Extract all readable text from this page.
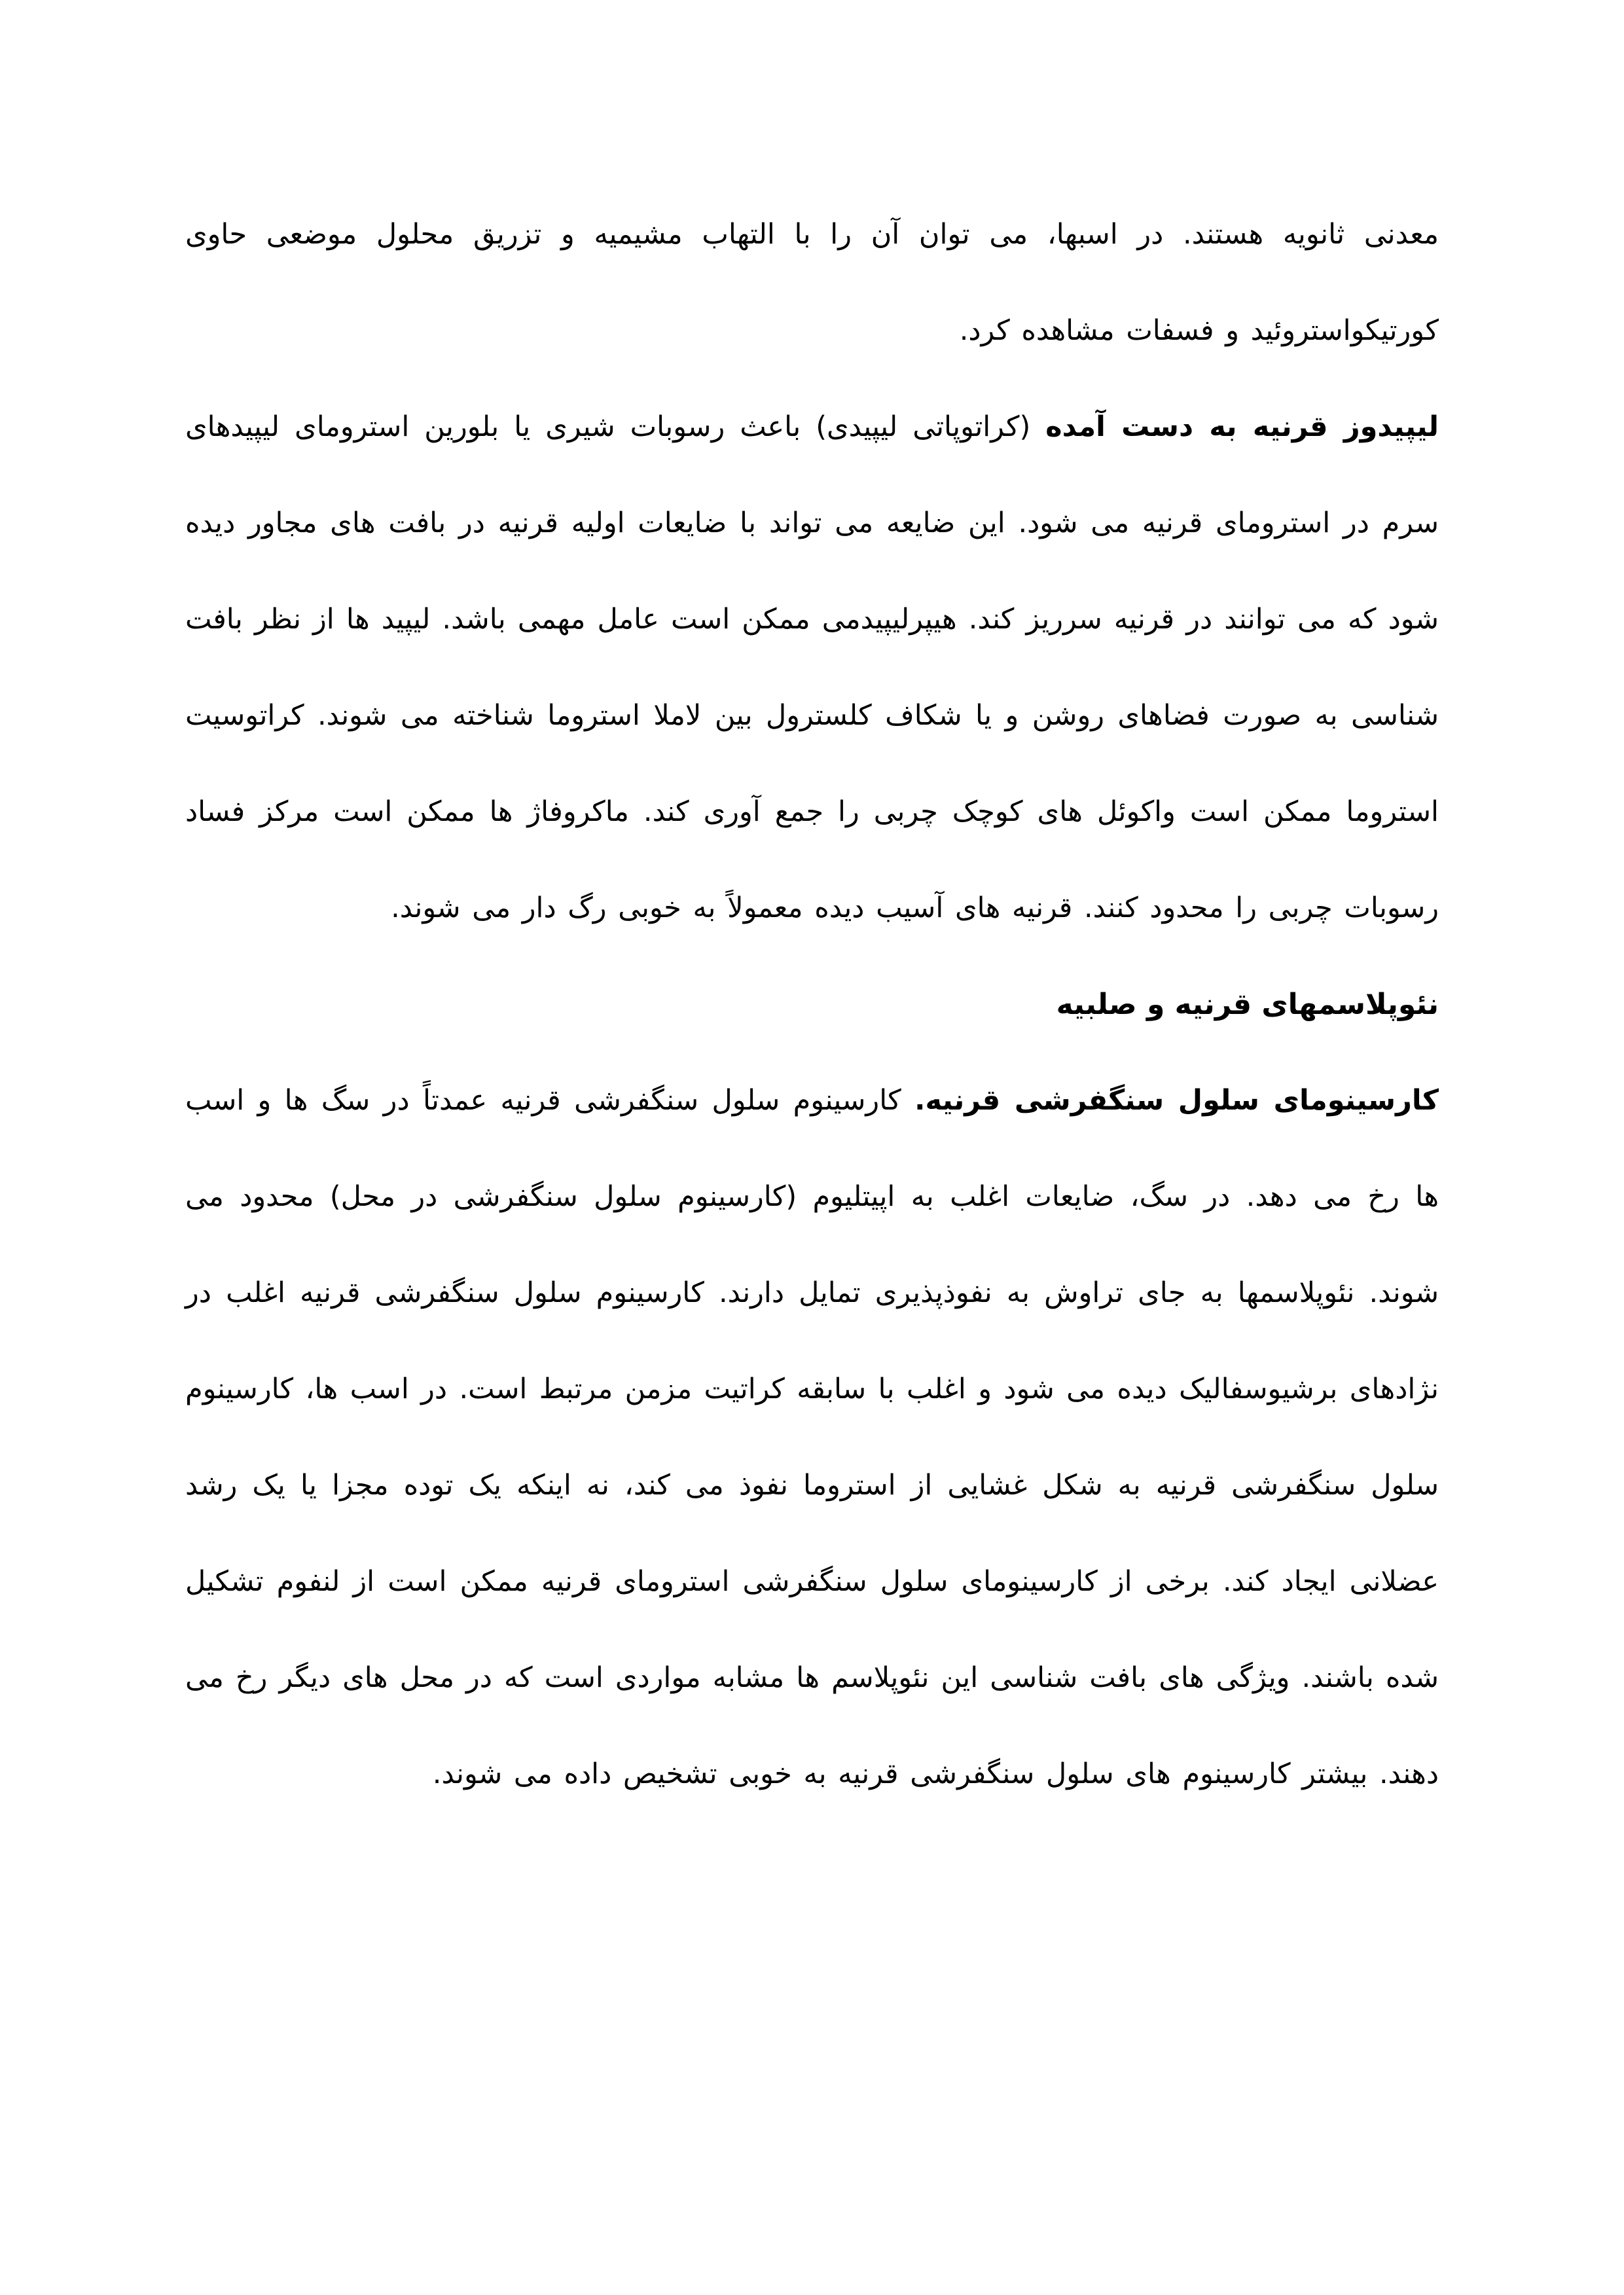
معدنی ثانویه هستند. در اسبها، می توان آن را با التهاب مشیمیه و تزریق محلول موضعی حاوی کورتیکواستروئید و فسفات مشاهده کرد.

لیپیدوز قرنیه به دست آمده (کراتوپاتی لیپیدی) باعث رسوبات شیری یا بلورین استرومای لیپیدهای سرم در استرومای قرنیه می شود. این ضایعه می تواند با ضایعات اولیه قرنیه در بافت های مجاور دیده شود که می توانند در قرنیه سرریز کند. هیپرلیپیدمی ممکن است عامل مهمی باشد. لیپید ها از نظر بافت شناسی به صورت فضاهای روشن و یا شکاف کلسترول بین لاملا استروما شناخته می شوند. کراتوسیت استروما ممکن است واکوئل های کوچک چربی را جمع آوری کند. ماکروفاژ ها ممکن است مرکز فساد رسوبات چربی را محدود کنند. قرنیه های آسیب دیده معمولاً به خوبی رگ دار می شوند.

نئوپلاسمهای قرنیه و صلبیه

کارسینومای سلول سنگفرشی قرنیه. کارسینوم سلول سنگفرشی قرنیه عمدتاً در سگ ها و اسب ها رخ می دهد. در سگ، ضایعات اغلب به اپیتلیوم (کارسینوم سلول سنگفرشی در محل) محدود می شوند. نئوپلاسمها به جای تراوش به نفوذپذیری تمایل دارند. کارسینوم سلول سنگفرشی قرنیه اغلب در نژادهای برشیوسفالیک دیده می شود و اغلب با سابقه کراتیت مزمن مرتبط است. در اسب ها، کارسینوم سلول سنگفرشی قرنیه به شکل غشایی از استروما نفوذ می کند، نه اینکه یک توده مجزا یا یک رشد عضلانی ایجاد کند. برخی از کارسینومای سلول سنگفرشی استرومای قرنیه ممکن است از لنفوم تشکیل شده باشند. ویژگی های بافت شناسی این نئوپلاسم ها مشابه مواردی است که در محل های دیگر رخ می دهند. بیشتر کارسینوم های سلول سنگفرشی قرنیه به خوبی تشخیص داده می شوند.
